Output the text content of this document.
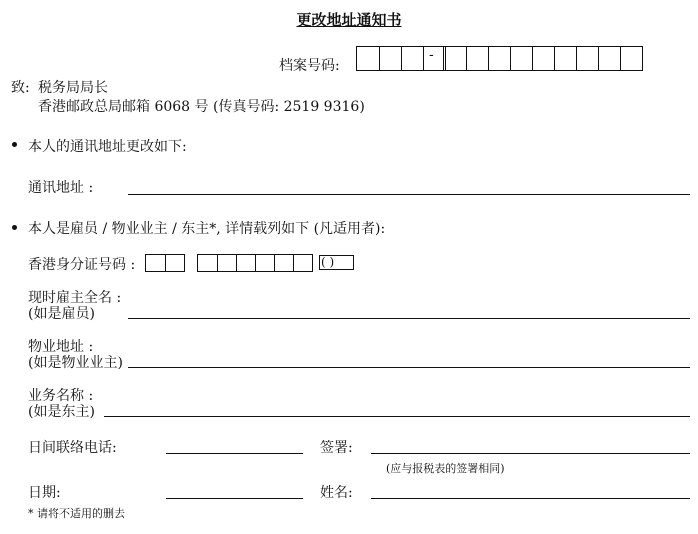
更改地址通知书
档案号码:
-
致: 税务局局长
香港邮政总局邮箱 6068 号 (传真号码: 2519 9316)
本人的通讯地址更改如下:
通讯地址 :
本人是雇员 / 物业业主 / 东主*, 详情载列如下 (凡适用者):
香港身分证号码 :	( )
现时雇主全名 :
(如是雇员)
物业地址 :
(如是物业业主)
业务名称 :
(如是东主)
日间联络电话:	签署:
(应与报税表的签署相同)
日期:	姓名:
* 请将不适用的删去
